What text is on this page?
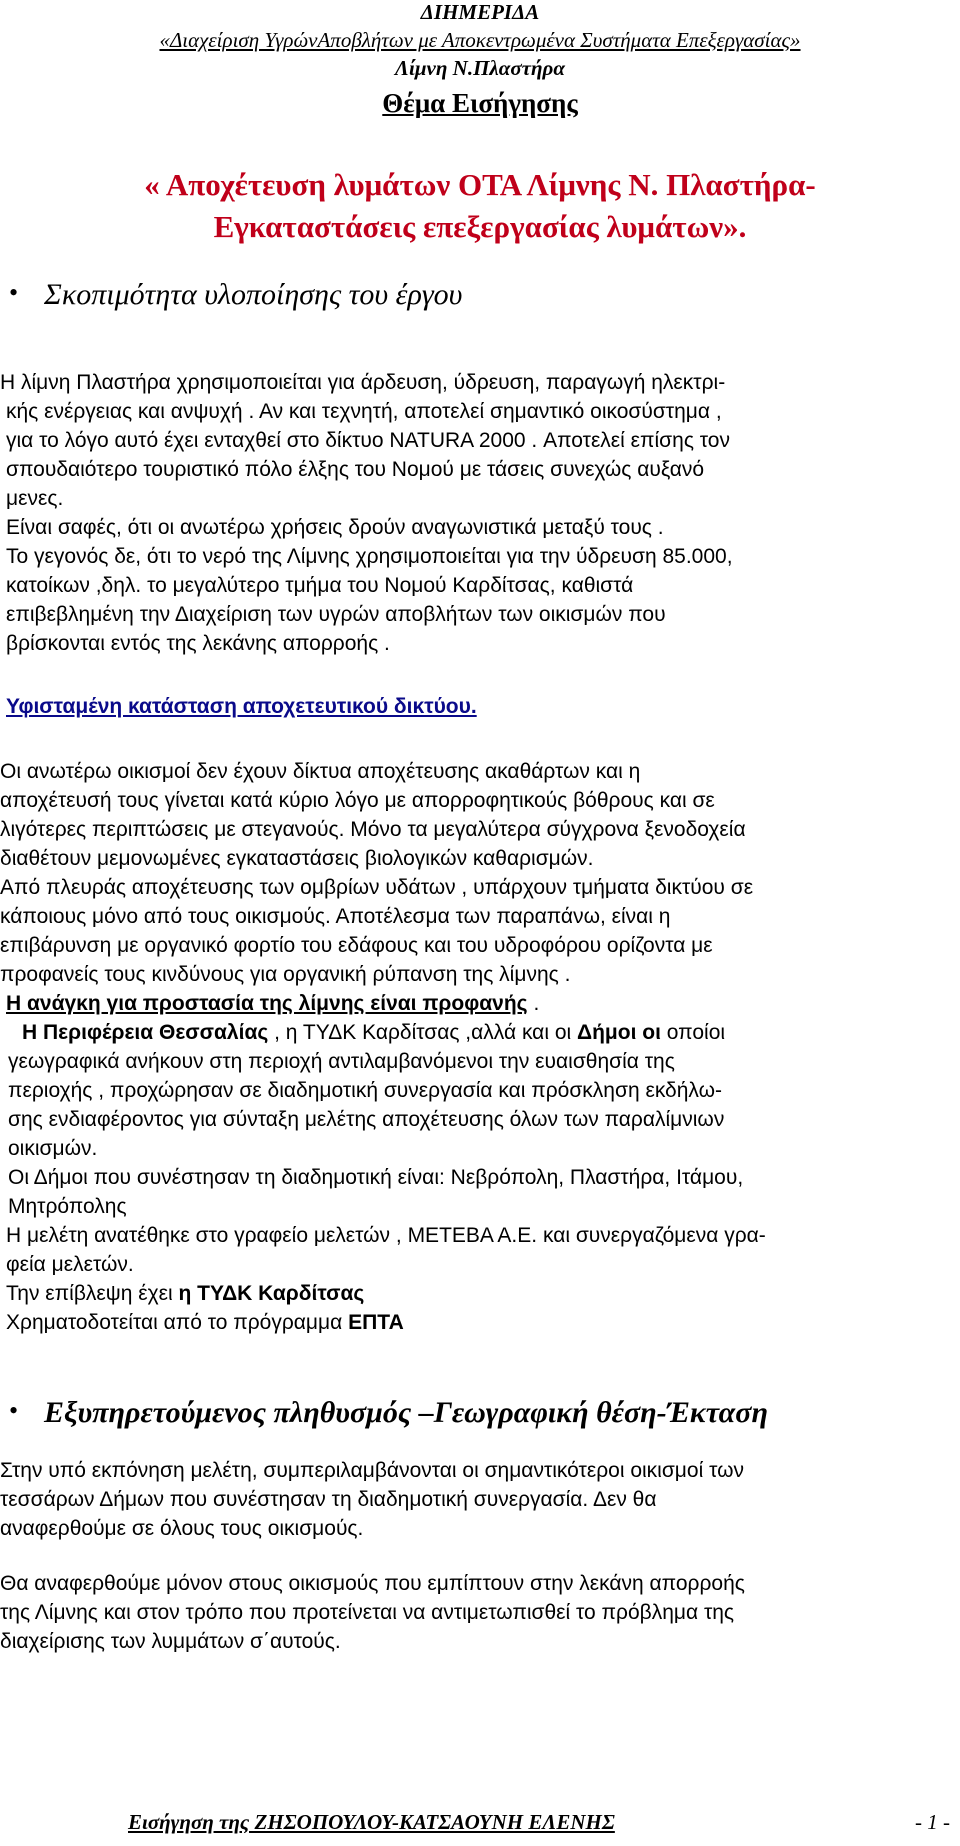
ΔΙΗΜΕΡΙΔΑ
«Διαχείριση ΥγρώνΑποβλήτων με Αποκεντρωμένα Συστήματα Επεξεργασίας»
Λίμνη Ν.Πλαστήρα
Θέμα Εισήγησης
« Αποχέτευση λυμάτων ΟΤΑ Λίμνης Ν. Πλαστήρα-
Εγκαταστάσεις επεξεργασίας λυμάτων».
• Σκοπιμότητα υλοποίησης του έργου

Η λίμνη Πλαστήρα χρησιμοποιείται για άρδευση, ύδρευση, παραγωγή ηλεκτρι-

κής ενέργειας και ανψυχή . Αν και τεχνητή, αποτελεί σημαντικό οικοσύστημα ,

για το λόγο αυτό έχει ενταχθεί στο δίκτυο NATURA 2000 . Αποτελεί επίσης τον

σπουδαιότερο τουριστικό πόλο έλξης του Νομού με τάσεις συνεχώς αυξανό

μενες.

Είναι σαφές, ότι οι ανωτέρω χρήσεις δρούν αναγωνιστικά μεταξύ τους .

Το γεγονός δε, ότι το νερό της Λίμνης χρησιμοποιείται για την ύδρευση 85.000,

κατοίκων ,δηλ. το μεγαλύτερο τμήμα του Νομού Καρδίτσας, καθιστά

επιβεβλημένη την Διαχείριση των υγρών αποβλήτων των οικισμών που

βρίσκονται εντός της λεκάνης απορροής .

Υφισταμένη κατάσταση αποχετευτικού δικτύου.

Οι ανωτέρω οικισμοί δεν έχουν δίκτυα αποχέτευσης ακαθάρτων και η

αποχέτευσή τους γίνεται κατά κύριο λόγο με απορροφητικούς βόθρους και σε

λιγότερες περιπτώσεις με στεγανούς. Μόνο τα μεγαλύτερα σύγχρονα ξενοδοχεία

διαθέτουν μεμονωμένες εγκαταστάσεις βιολογικών καθαρισμών.

Από πλευράς αποχέτευσης των ομβρίων υδάτων , υπάρχουν τμήματα δικτύου σε

κάποιους μόνο από τους οικισμούς. Αποτέλεσμα των παραπάνω, είναι η

επιβάρυνση με οργανικό φορτίο του εδάφους και του υδροφόρου ορίζοντα με

προφανείς τους κινδύνους για οργανική ρύπανση της λίμνης .

Η ανάγκη για προστασία της λίμνης είναι προφανής .

Η Περιφέρεια Θεσσαλίας , η ΤΥΔΚ Καρδίτσας ,αλλά και οι Δήμοι οι οποίοι

γεωγραφικά ανήκουν στη περιοχή αντιλαμβανόμενοι την ευαισθησία της

περιοχής , προχώρησαν σε διαδημοτική συνεργασία και πρόσκληση εκδήλω-

σης ενδιαφέροντος για σύνταξη μελέτης αποχέτευσης όλων των παραλίμνιων

οικισμών.

Οι Δήμοι που συνέστησαν τη διαδημοτική είναι: Νεβρόπολη, Πλαστήρα, Ιτάμου,

Μητρόπολης

Η μελέτη ανατέθηκε στο γραφείο μελετών , ΜΕΤΕΒΑ Α.Ε. και συνεργαζόμενα γρα-

φεία μελετών.

Την επίβλεψη έχει η ΤΥΔΚ Καρδίτσας

Χρηματοδοτείται από το πρόγραμμα ΕΠΤΑ

• Εξυπηρετούμενος πληθυσμός –Γεωγραφική θέση-Έκταση

Στην υπό εκπόνηση μελέτη, συμπεριλαμβάνονται οι σημαντικότεροι οικισμοί των

τεσσάρων Δήμων που συνέστησαν τη διαδημοτική συνεργασία. Δεν θα

αναφερθούμε σε όλους τους οικισμούς.

Θα αναφερθούμε μόνον στους οικισμούς που εμπίπτουν στην λεκάνη απορροής

της Λίμνης και στον τρόπο που προτείνεται να αντιμετωπισθεί το πρόβλημα της

διαχείρισης των λυμμάτων σ΄αυτούς.

Εισήγηση της ΖΗΣΟΠΟΥΛΟΥ-ΚΑΤΣΑΟΥΝΗ ΕΛΕΝΗΣ	- 1 -
